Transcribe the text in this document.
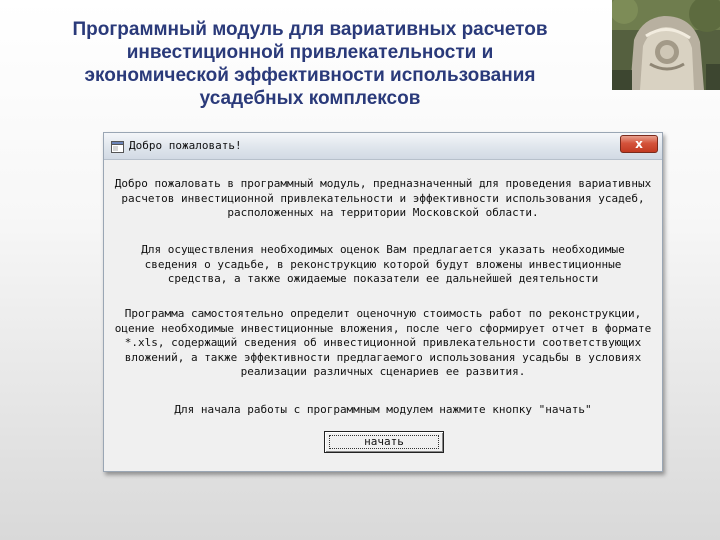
Программный модуль для вариативных расчетов
инвестиционной привлекательности и
экономической эффективности использования
усадебных комплексов
Добро пожаловать!	x

Добро пожаловать в программный модуль, предназначенный для проведения вариативных расчетов инвестиционной привлекательности и эффективности использования усадеб, расположенных на территории Московской области.

Для осуществления необходимых оценок Вам предлагается указать необходимые сведения о усадьбе, в реконструкцию которой будут вложены инвестиционные средства, а также ожидаемые показатели ее дальнейшей деятельности

Программа самостоятельно определит оценочную стоимость работ по реконструкции, оцение необходимые инвестиционные вложения, после чего сформирует отчет в формате *.xls, содержащий сведения об инвестиционной привлекательности соответствующих вложений, а также эффективности предлагаемого использования усадьбы в условиях реализации различных сценариев ее развития.

Для начала работы с программным модулем нажмите кнопку "начать"

начать
